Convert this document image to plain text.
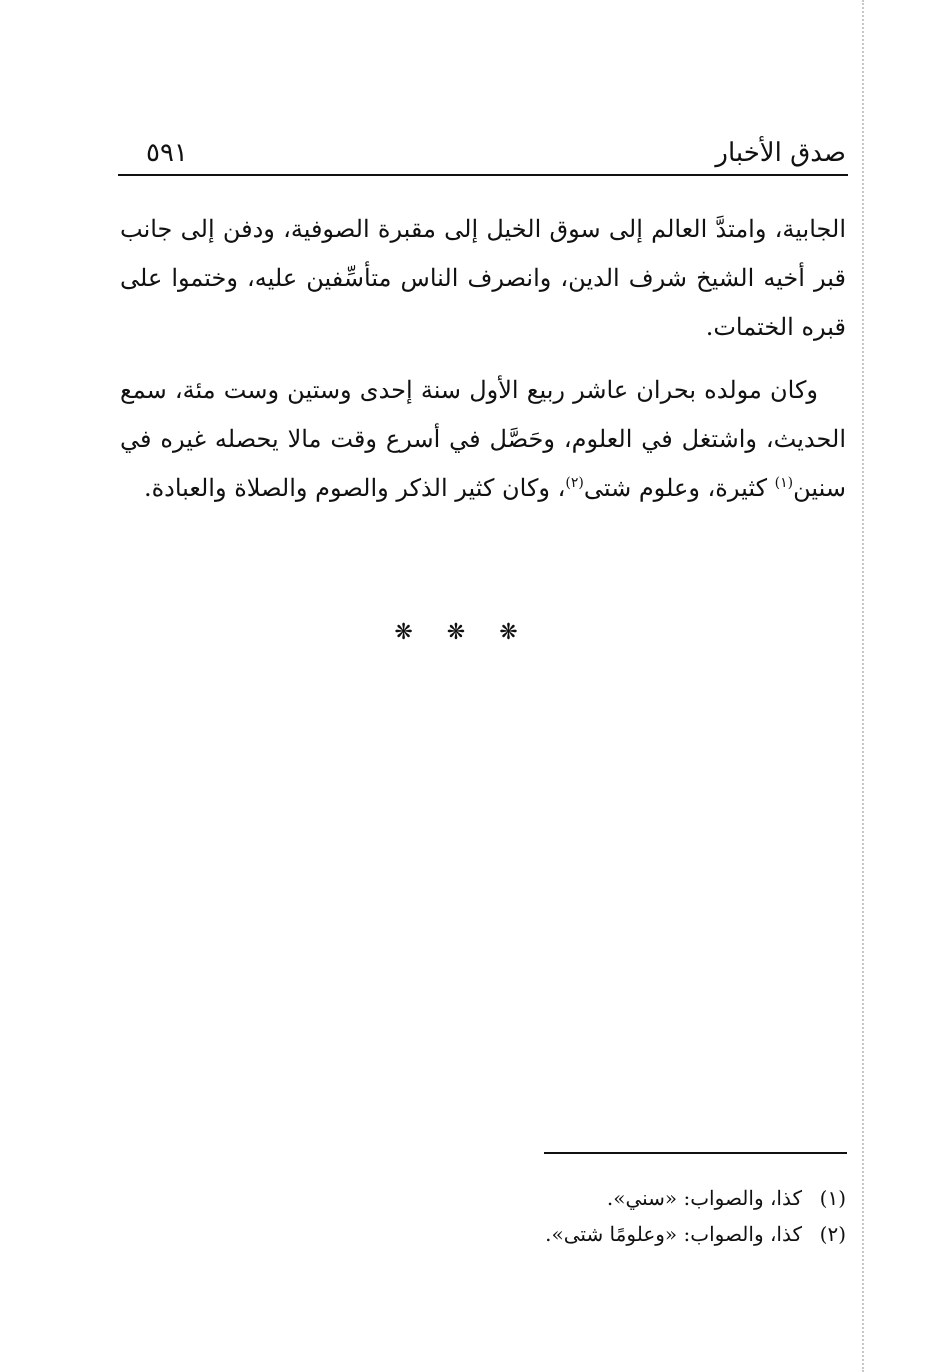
صدق الأخبار
٥٩١

الجابية، وامتدَّ العالم إلى سوق الخيل إلى مقبرة الصوفية، ودفن إلى جانب قبر أخيه الشيخ شرف الدين، وانصرف الناس متأسِّفين عليه، وختموا على قبره الختمات.

وكان مولده بحران عاشر ربيع الأول سنة إحدى وستين وست مئة، سمع الحديث، واشتغل في العلوم، وحَصَّل في أسرع وقت مالا يحصله غيره في سنين$^{(١)}$ كثيرة، وعلوم شتى$^{(٢)}$، وكان كثير الذكر والصوم والصلاة والعبادة.

❋❋❋
(١)كذا، والصواب: «سني».
(٢)كذا، والصواب: «وعلومًا شتى».
